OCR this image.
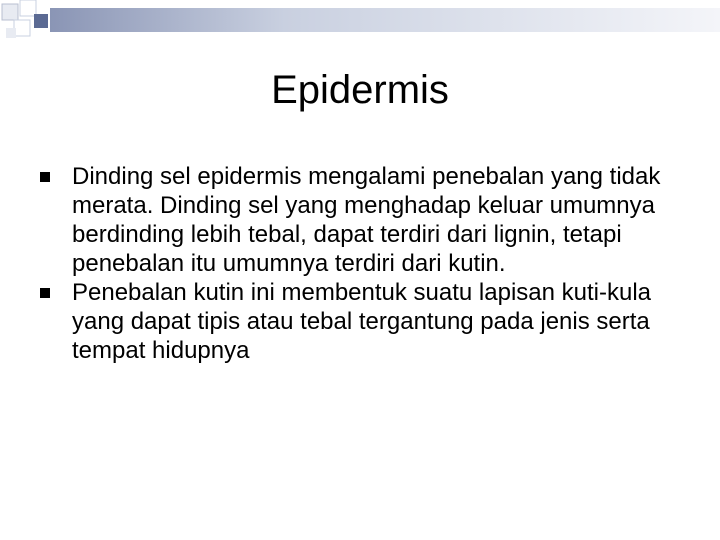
Epidermis
Dinding sel epidermis mengalami penebalan yang tidak merata. Dinding sel yang menghadap keluar umumnya berdinding lebih tebal, dapat terdiri dari lignin, tetapi penebalan itu umumnya terdiri dari kutin.
Penebalan kutin ini membentuk suatu lapisan kuti-kula yang dapat tipis atau tebal tergantung pada jenis serta tempat hidupnya
